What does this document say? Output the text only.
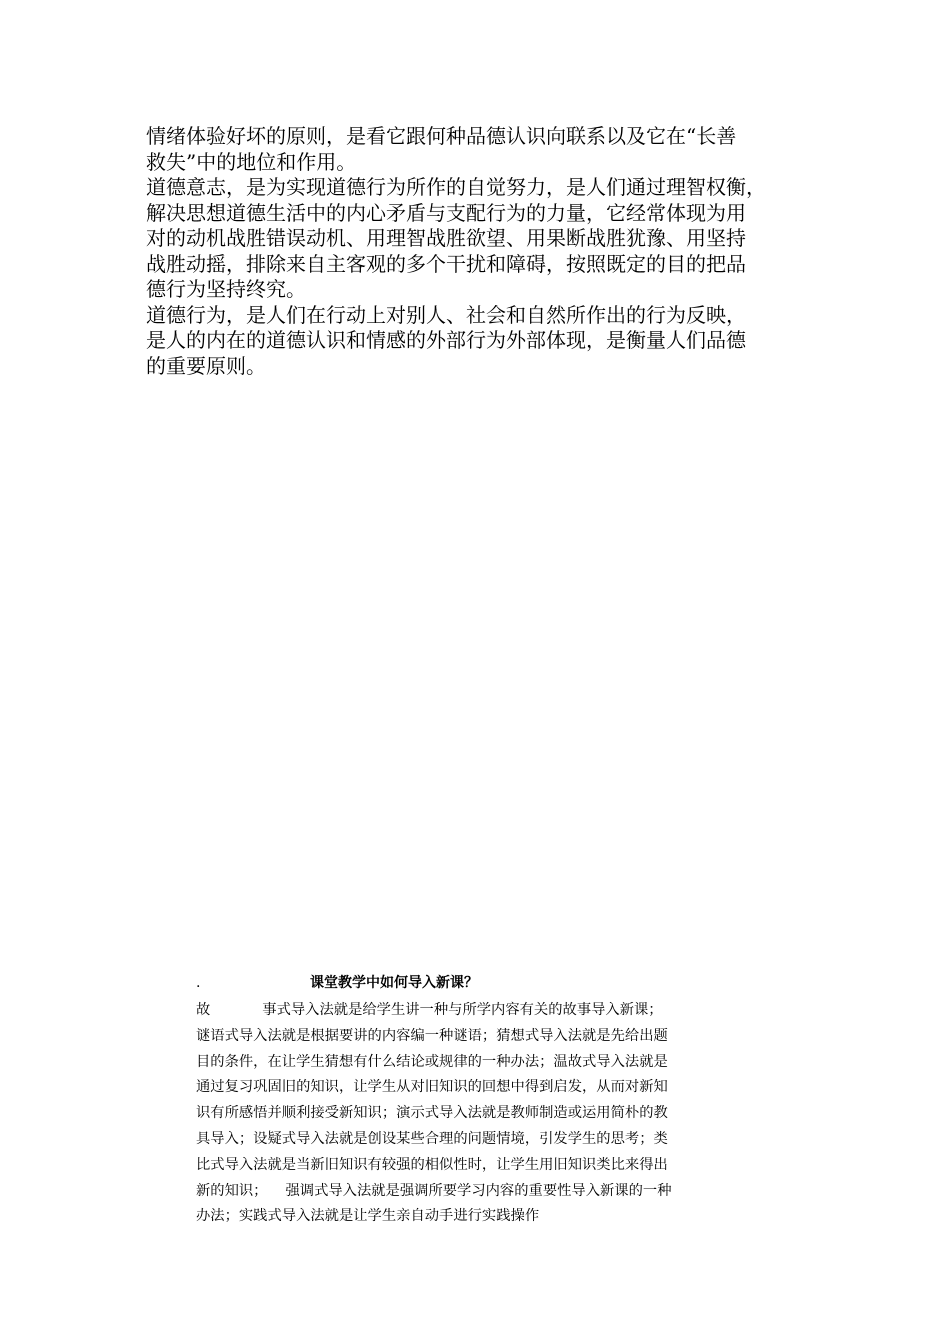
情绪体验好坏的原则，是看它跟何种品德认识向联系以及它在“长善
救失”中的地位和作用。
道德意志，是为实现道德行为所作的自觉努力，是人们通过理智权衡，
解决思想道德生活中的内心矛盾与支配行为的力量，它经常体现为用
对的动机战胜错误动机、用理智战胜欲望、用果断战胜犹豫、用坚持
战胜动摇，排除来自主客观的多个干扰和障碍，按照既定的目的把品
德行为坚持终究。
道德行为，是人们在行动上对别人、社会和自然所作出的行为反映，
是人的内在的道德认识和情感的外部行为外部体现，是衡量人们品德
的重要原则。
.	课堂教学中如何导入新课？
故	事式导入法就是给学生讲一种与所学内容有关的故事导入新课；
谜语式导入法就是根据要讲的内容编一种谜语；猜想式导入法就是先给出题
目的条件，在让学生猜想有什么结论或规律的一种办法；温故式导入法就是
通过复习巩固旧的知识，让学生从对旧知识的回想中得到启发，从而对新知
识有所感悟并顺利接受新知识；演示式导入法就是教师制造或运用简朴的教
具导入；设疑式导入法就是创设某些合理的问题情境，引发学生的思考；类
比式导入法就是当新旧知识有较强的相似性时，让学生用旧知识类比来得出
新的知识； 强调式导入法就是强调所要学习内容的重要性导入新课的一种
办法；实践式导入法就是让学生亲自动手进行实践操作
